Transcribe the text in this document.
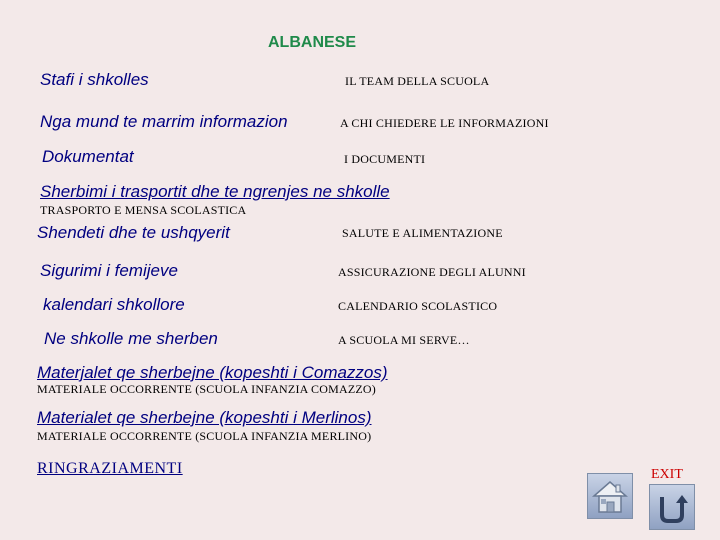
ALBANESE
Stafi i shkolles	IL TEAM DELLA SCUOLA
Nga mund te marrim informazion	A CHI CHIEDERE LE INFORMAZIONI
Dokumentat	I DOCUMENTI
Sherbimi i trasportit dhe te ngrenjes ne shkolle
TRASPORTO E MENSA SCOLASTICA
Shendeti dhe te ushqyerit	SALUTE E ALIMENTAZIONE
Sigurimi i femijeve	ASSICURAZIONE DEGLI ALUNNI
kalendari shkollore	CALENDARIO SCOLASTICO
Ne shkolle me sherben	A SCUOLA MI SERVE…
Materjalet qe sherbejne (kopeshti i Comazzos)
MATERIALE OCCORRENTE (SCUOLA INFANZIA COMAZZO)
Materialet qe sherbejne (kopeshti i Merlinos)
MATERIALE OCCORRENTE (SCUOLA INFANZIA MERLINO)
RINGRAZIAMENTI	EXIT
